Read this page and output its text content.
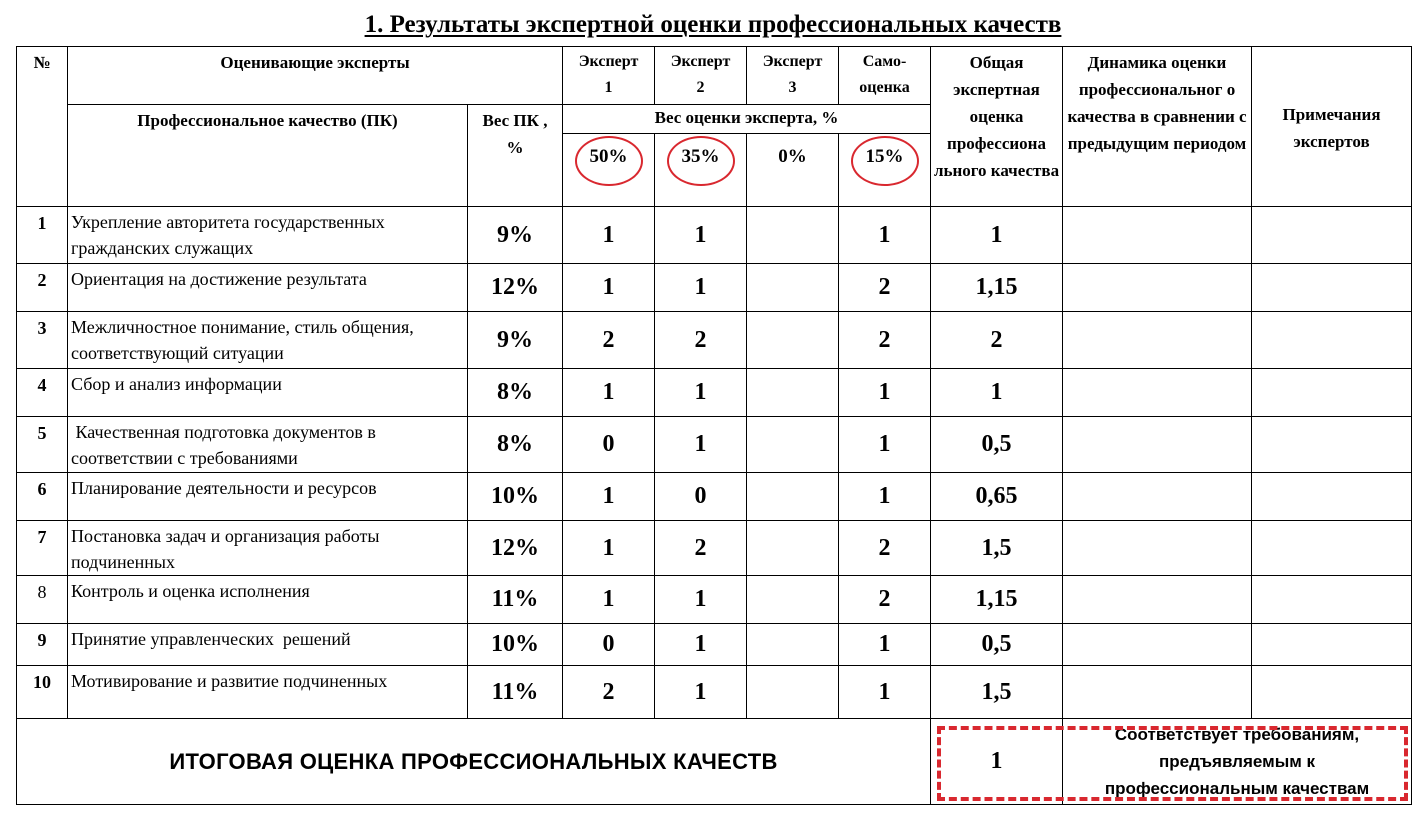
1. Результаты экспертной оценки профессиональных качеств
№	Оценивающие эксперты		Эксперт 1	Эксперт 2	Эксперт 3	Само-оценка	Общая экспертная оценка профессиона льного качества	Динамика оценки профессиональног о качества в сравнении с предыдущим периодом	Примечания экспертов
	Профессиональное качество (ПК)	Вес ПК , %	Вес оценки эксперта, %						

			50%	35%	0%	15%			

1	Укрепление авторитета государственных гражданских служащих	9%	1	1		1	1		
2	Ориентация на достижение результата	12%	1	1		2	1,15		
3	Межличностное понимание, стиль общения, соответствующий ситуации	9%	2	2		2	2		
4	Сбор и анализ информации	8%	1	1		1	1		
5	Качественная подготовка документов в соответствии с требованиями	8%	0	1		1	0,5		
6	Планирование деятельности и ресурсов	10%	1	0		1	0,65		
7	Постановка задач и организация работы подчиненных	12%	1	2		2	1,5		
8	Контроль и оценка исполнения	11%	1	1		2	1,15		
9	Принятие управленческих  решений	10%	0	1		1	0,5		
10	Мотивирование и развитие подчиненных	11%	2	1		1	1,5		
ИТОГОВАЯ ОЦЕНКА ПРОФЕССИОНАЛЬНЫХ КАЧЕСТВ							1	Соответствует требованиям, предъявляемым к профессиональным качествам	
